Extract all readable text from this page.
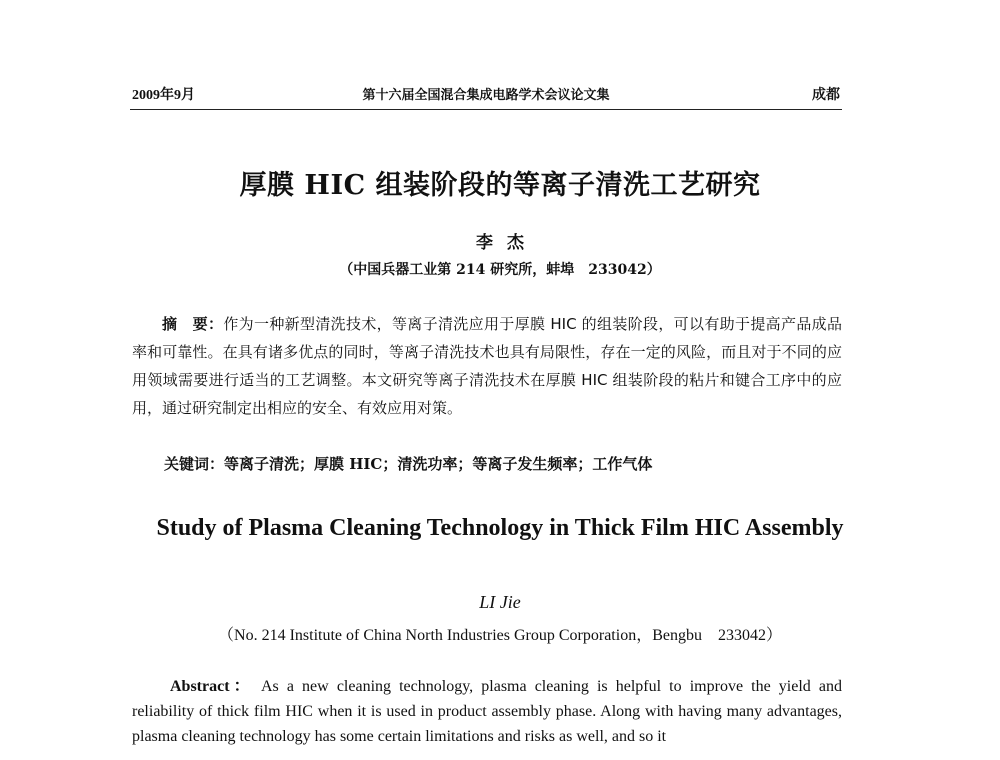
2009年9月	第十六届全国混合集成电路学术会议论文集	成都
厚膜 HIC 组装阶段的等离子清洗工艺研究
李杰
（中国兵器工业第 214 研究所，蚌埠　233042）
摘　要：作为一种新型清洗技术，等离子清洗应用于厚膜 HIC 的组装阶段，可以有助于提高产品成品率和可靠性。在具有诸多优点的同时，等离子清洗技术也具有局限性，存在一定的风险，而且对于不同的应用领域需要进行适当的工艺调整。本文研究等离子清洗技术在厚膜 HIC 组装阶段的粘片和键合工序中的应用，通过研究制定出相应的安全、有效应用对策。
关键词：等离子清洗；厚膜 HIC；清洗功率；等离子发生频率；工作气体
Study of Plasma Cleaning Technology in Thick Film HIC Assembly
LI Jie
（No. 214 Institute of China North Industries Group Corporation，Bengbu　233042）
Abstract： As a new cleaning technology, plasma cleaning is helpful to improve the yield and reliability of thick film HIC when it is used in product assembly phase. Along with having many advantages, plasma cleaning technology has some certain limitations and risks as well, and so it
